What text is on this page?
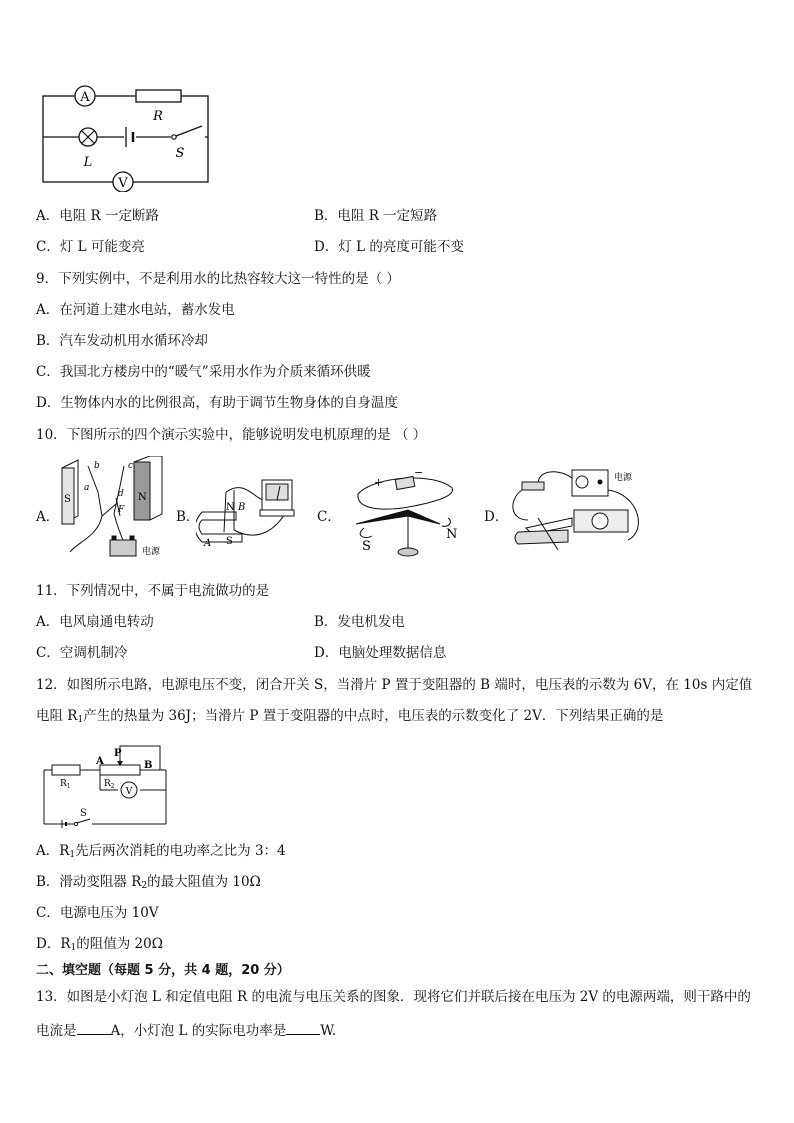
A
R
L
S
V
A．电阻 R 一定断路	B．电阻 R 一定短路
C．灯 L 可能变亮	D．灯 L 的亮度可能不变
9．下列实例中，不是利用水的比热容较大这一特性的是（ ）
A．在河道上建水电站，蓄水发电
B．汽车发动机用水循环冷却
C．我国北方楼房中的“暖气”采用水作为介质来循环供暖
D．生物体内水的比例很高，有助于调节生物身体的自身温度
10．下图所示的四个演示实验中，能够说明发电机原理的是 （ ）
A．	B．	C．	D．
S	N
a
b	c
d
F
电源
N
S
A
B
+
−
S
N
电源
11．下列情况中，不属于电流做功的是
A．电风扇通电转动	B．发电机发电
C．空调机制冷	D．电脑处理数据信息
12．如图所示电路，电源电压不变，闭合开关 S，当滑片 P 置于变阻器的 B 端时，电压表的示数为 6V，在 10s 内定值
电阻 $R_1$产生的热量为 36J；当滑片 P 置于变阻器的中点时，电压表的示数变化了 2V．下列结果正确的是
$R_1$	$R_2$
A	B
P
V
S
A．$R_1$先后两次消耗的电功率之比为 3：4
B．滑动变阻器 $R_2$的最大阻值为 10Ω
C．电源电压为 10V
D．$R_1$的阻值为 20Ω
二、填空题（每题 5 分，共 4 题，20 分）
13．如图是小灯泡 L 和定值电阻 R 的电流与电压关系的图象．现将它们并联后接在电压为 2V 的电源两端，则干路中的
电流是	A，小灯泡 L 的实际电功率是	W.
